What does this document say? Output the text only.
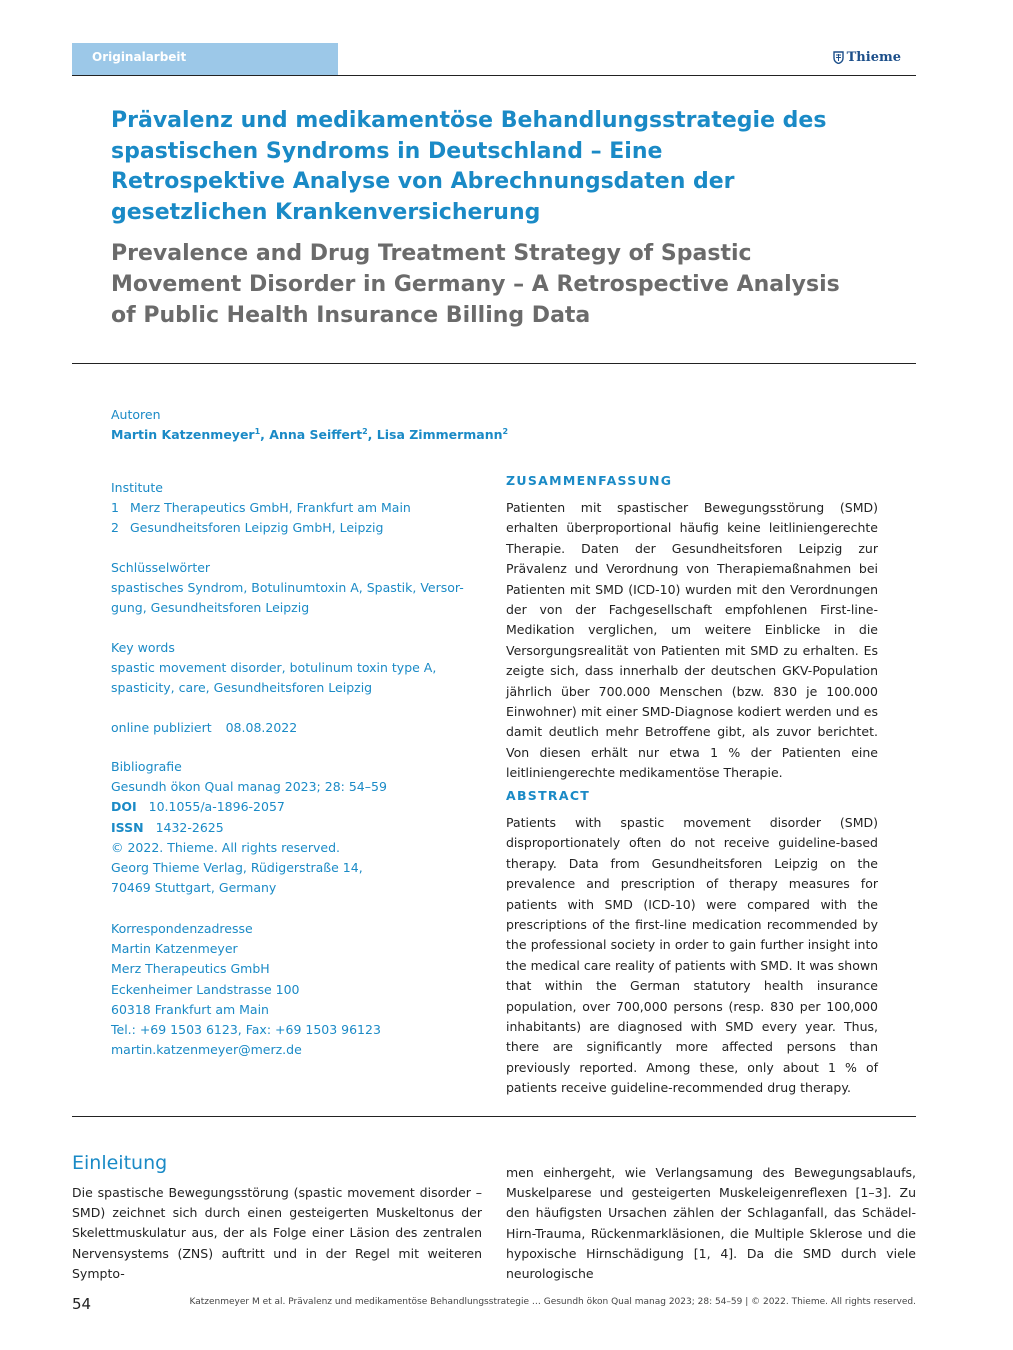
Originalarbeit	Thieme
Prävalenz und medikamentöse Behandlungsstrategie des spastischen Syndroms in Deutschland – Eine Retrospektive Analyse von Abrechnungsdaten der gesetzlichen Krankenversicherung
Prevalence and Drug Treatment Strategy of Spastic Movement Disorder in Germany – A Retrospective Analysis of Public Health Insurance Billing Data
Autoren
Martin Katzenmeyer$^1$, Anna Seiffert$^2$, Lisa Zimmermann$^2$
Institute
1 Merz Therapeutics GmbH, Frankfurt am Main
2 Gesundheitsforen Leipzig GmbH, Leipzig
Schlüsselwörter
spastisches Syndrom, Botulinumtoxin A, Spastik, Versor-
gung, Gesundheitsforen Leipzig
Key words
spastic movement disorder, botulinum toxin type A,
spasticity, care, Gesundheitsforen Leipzig
online publiziert 08.08.2022
Bibliografie
Gesundh ökon Qual manag 2023; 28: 54–59
DOI 10.1055/a-1896-2057
ISSN 1432-2625
© 2022. Thieme. All rights reserved.
Georg Thieme Verlag, Rüdigerstraße 14,
70469 Stuttgart, Germany
Korrespondenzadresse
Martin Katzenmeyer
Merz Therapeutics GmbH
Eckenheimer Landstrasse 100
60318 Frankfurt am Main
Tel.: +69 1503 6123, Fax: +69 1503 96123
martin.katzenmeyer@merz.de
ZUSAMMENFASSUNG

Patienten mit spastischer Bewegungsstörung (SMD) erhalten überproportional häufig keine leitliniengerechte Therapie. Daten der Gesundheitsforen Leipzig zur Prävalenz und Verordnung von Therapiemaßnahmen bei Patienten mit SMD (ICD-10) wurden mit den Verordnungen der von der Fachgesellschaft empfohlenen First-line-Medikation verglichen, um weitere Einblicke in die Versorgungsrealität von Patienten mit SMD zu erhalten. Es zeigte sich, dass innerhalb der deutschen GKV-Population jährlich über 700.000 Menschen (bzw. 830 je 100.000 Einwohner) mit einer SMD-Diagnose kodiert werden und es damit deutlich mehr Betroffene gibt, als zuvor berichtet. Von diesen erhält nur etwa 1 % der Patienten eine leitliniengerechte medikamentöse Therapie.

ABSTRACT

Patients with spastic movement disorder (SMD) disproportionately often do not receive guideline-based therapy. Data from Gesundheitsforen Leipzig on the prevalence and prescription of therapy measures for patients with SMD (ICD-10) were compared with the prescriptions of the first-line medication recommended by the professional society in order to gain further insight into the medical care reality of patients with SMD. It was shown that within the German statutory health insurance population, over 700,000 persons (resp. 830 per 100,000 inhabitants) are diagnosed with SMD every year. Thus, there are significantly more affected persons than previously reported. Among these, only about 1 % of patients receive guideline-recommended drug therapy.

Einleitung

Die spastische Bewegungsstörung (spastic movement disorder – SMD) zeichnet sich durch einen gesteigerten Muskeltonus der Skelettmuskulatur aus, der als Folge einer Läsion des zentralen Nervensystems (ZNS) auftritt und in der Regel mit weiteren Sympto-

men einhergeht, wie Verlangsamung des Bewegungsablaufs, Muskelparese und gesteigerten Muskeleigenreflexen [1–3]. Zu den häufigsten Ursachen zählen der Schlaganfall, das Schädel-Hirn-Trauma, Rückenmarkläsionen, die Multiple Sklerose und die hypoxische Hirnschädigung [1, 4]. Da die SMD durch viele neurologische

54	Katzenmeyer M et al. Prävalenz und medikamentöse Behandlungsstrategie … Gesundh ökon Qual manag 2023; 28: 54–59 | © 2022. Thieme. All rights reserved.
